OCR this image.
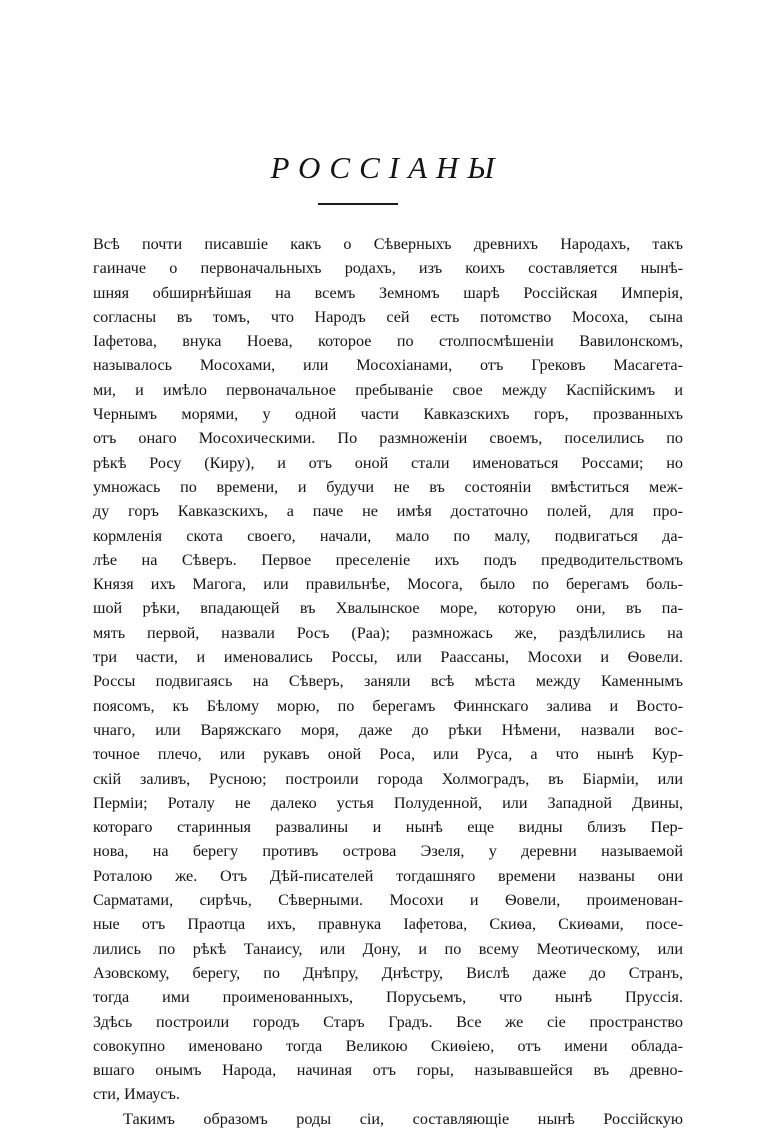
РОССІАНЫ
Всѣ почти писавшіе какъ о Сѣверныхъ древнихъ Народахъ, такъ
гаиначе о первоначальныхъ родахъ, изъ коихъ составляется нынѣ-
шняя обширнѣйшая на всемъ Земномъ шарѣ Россійская Имперія,
согласны въ томъ, что Народъ сей есть потомство Мосоха, сына
Іафетова, внука Ноева, которое по столпосмѣшеніи Вавилонскомъ,
называлось Мосохами, или Мосохіанами, отъ Грековъ Масагета-
ми, и имѣло первоначальное пребываніе свое между Каспійскимъ и
Чернымъ морями, у одной части Кавказскихъ горъ, прозванныхъ
отъ онаго Мосохическими. По размноженіи своемъ, поселились по
рѣкѣ Росу (Киру), и отъ оной стали именоваться Россами; но
умножась по времени, и будучи не въ состояніи вмѣститься меж-
ду горъ Кавказскихъ, а паче не имѣя достаточно полей, для про-
кормленія скота своего, начали, мало по малу, подвигаться да-
лѣе на Сѣверъ. Первое преселеніе ихъ подъ предводительствомъ
Князя ихъ Магога, или правильнѣе, Мосога, было по берегамъ боль-
шой рѣки, впадающей въ Хвалынское море, которую они, въ па-
мять первой, назвали Росъ (Раа); размножась же, раздѣлились на
три части, и именовались Россы, или Раассаны, Мосохи и Ѳовели.
Россы подвигаясь на Сѣверъ, заняли всѣ мѣста между Каменнымъ
поясомъ, къ Бѣлому морю, по берегамъ Финнскаго залива и Восто-
чнаго, или Варяжскаго моря, даже до рѣки Нѣмени, назвали вос-
точное плечо, или рукавъ оной Роса, или Руса, а что нынѣ Кур-
скій заливъ, Русною; построили города Холмоградъ, въ Біарміи, или
Перміи; Роталу не далеко устья Полуденной, или Западной Двины,
котораго старинныя развалины и нынѣ еще видны близъ Пер-
нова, на берегу противъ острова Эзеля, у деревни называемой
Роталою же. Отъ Дѣй-писателей тогдашняго времени названы они
Сарматами, сирѣчь, Сѣверными. Мосохи и Ѳовели, проименован-
ные отъ Праотца ихъ, правнука Іафетова, Скиѳа, Скиѳами, посе-
лились по рѣкѣ Танаису, или Дону, и по всему Меотическому, или
Азовскому, берегу, по Днѣпру, Днѣстру, Вислѣ даже до Странъ,
тогда ими проименованныхъ, Порусьемъ, что нынѣ Пруссія.
Здѣсь построили городъ Старъ Градъ. Все же сіе пространство
совокупно именовано тогда Великою Скиѳіею, отъ имени облада-
вшаго онымъ Народа, начиная отъ горы, называвшейся въ древно-
сти, Имаусъ.
Такимъ образомъ роды сіи, составляющіе нынѣ Россійскую
